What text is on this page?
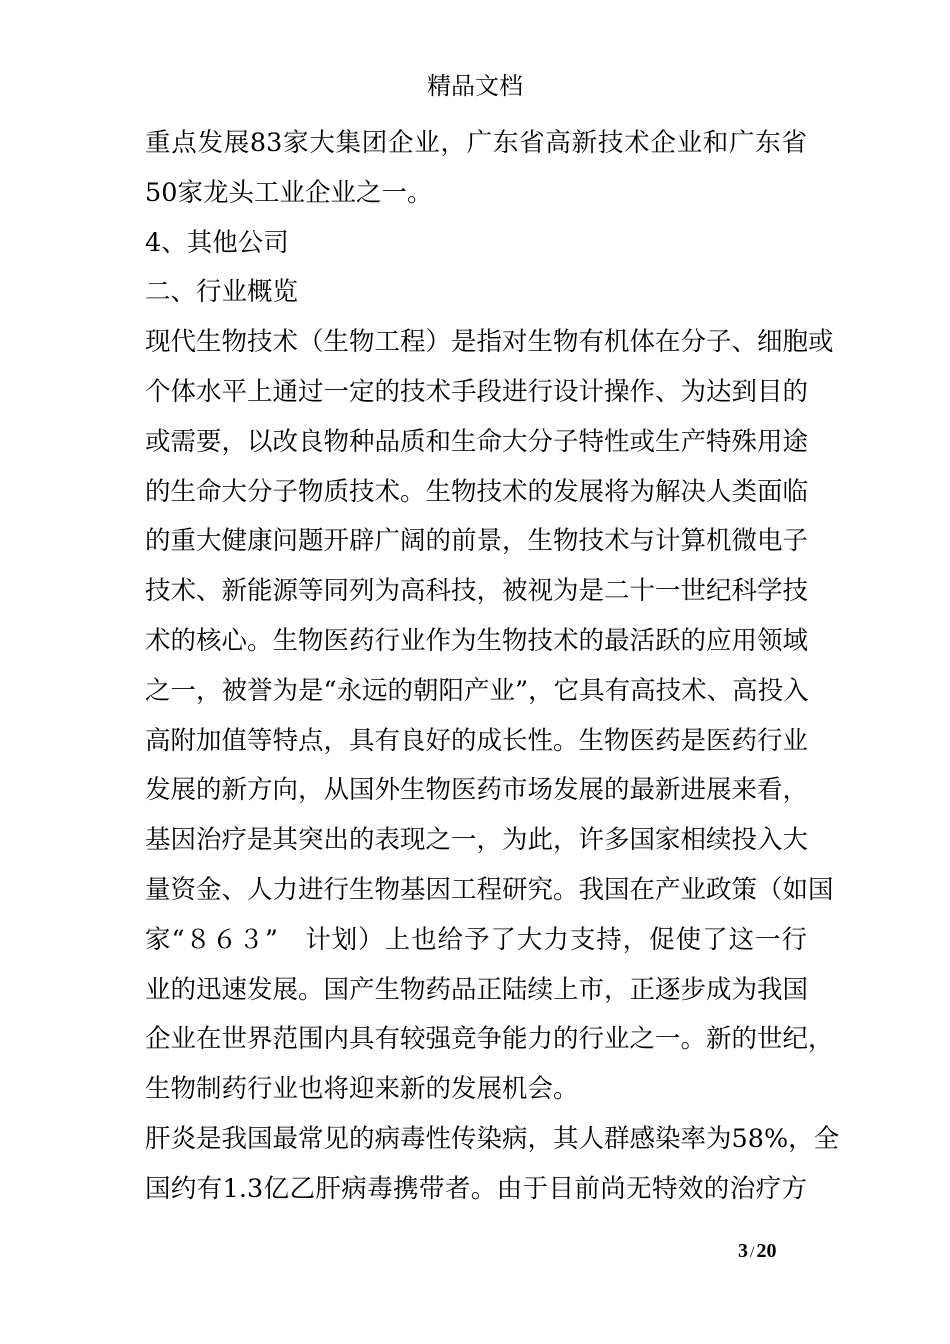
精品文档
重点发展83家大集团企业，广东省高新技术企业和广东省
50家龙头工业企业之一。
4、其他公司
二、行业概览
现代生物技术（生物工程）是指对生物有机体在分子、细胞或
个体水平上通过一定的技术手段进行设计操作、为达到目的
或需要，以改良物种品质和生命大分子特性或生产特殊用途
的生命大分子物质技术。生物技术的发展将为解决人类面临
的重大健康问题开辟广阔的前景，生物技术与计算机微电子
技术、新能源等同列为高科技，被视为是二十一世纪科学技
术的核心。生物医药行业作为生物技术的最活跃的应用领域
之一，被誉为是“永远的朝阳产业”，它具有高技术、高投入
高附加值等特点，具有良好的成长性。生物医药是医药行业
发展的新方向，从国外生物医药市场发展的最新进展来看，
基因治疗是其突出的表现之一，为此，许多国家相续投入大
量资金、人力进行生物基因工程研究。我国在产业政策（如国
家“８６３”　计划）上也给予了大力支持，促使了这一行
业的迅速发展。国产生物药品正陆续上市，正逐步成为我国
企业在世界范围内具有较强竞争能力的行业之一。新的世纪，
生物制药行业也将迎来新的发展机会。
肝炎是我国最常见的病毒性传染病，其人群感染率为58%，全
国约有1.3亿乙肝病毒携带者。由于目前尚无特效的治疗方
3 / 20
